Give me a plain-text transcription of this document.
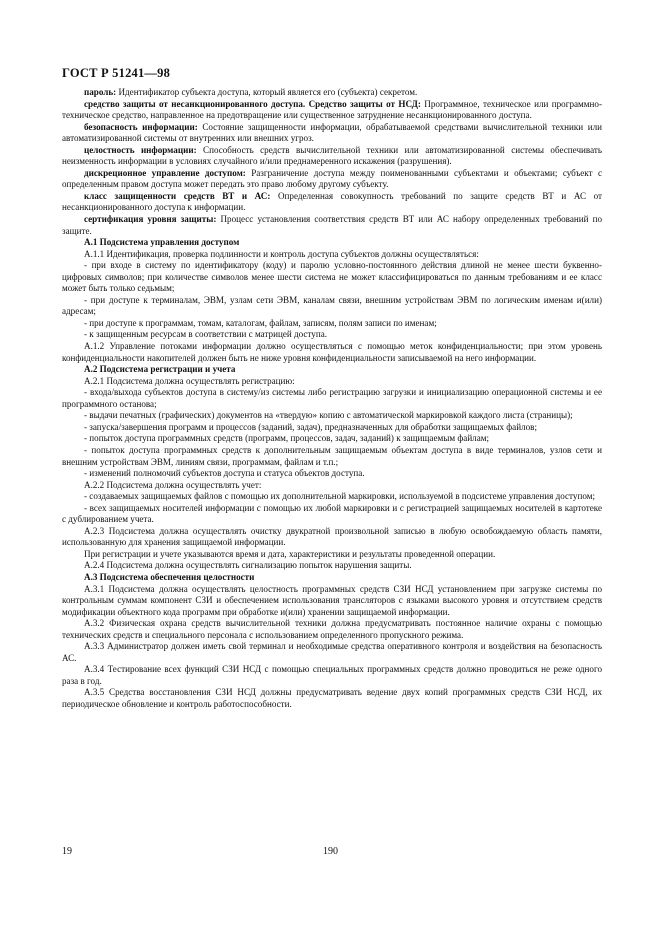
ГОСТ Р 51241—98

пароль: Идентификатор субъекта доступа, который является его (субъекта) секретом.

средство защиты от несанкционированного доступа. Средство защиты от НСД: Программное, техническое или программно-техническое средство, направленное на предотвращение или существенное затруднение несанкционированного доступа.

безопасность информации: Состояние защищенности информации, обрабатываемой средствами вычислительной техники или автоматизированной системы от внутренних или внешних угроз.

целостность информации: Способность средств вычислительной техники или автоматизированной системы обеспечивать неизменность информации в условиях случайного и/или преднамеренного искажения (разрушения).

дискреционное управление доступом: Разграничение доступа между поименованными субъектами и объектами; субъект с определенным правом доступа может передать это право любому другому субъекту.

класс защищенности средств ВТ и АС: Определенная совокупность требований по защите средств ВТ и АС от несанкционированного доступа к информации.

сертификация уровня защиты: Процесс установления соответствия средств ВТ или АС набору определенных требований по защите.

А.1 Подсистема управления доступом

А.1.1 Идентификация, проверка подлинности и контроль доступа субъектов должны осуществляться:

- при входе в систему по идентификатору (коду) и паролю условно-постоянного действия длиной не менее шести буквенно-цифровых символов; при количестве символов менее шести система не может классифицироваться по данным требованиям и ее класс может быть только седьмым;

- при доступе к терминалам, ЭВМ, узлам сети ЭВМ, каналам связи, внешним устройствам ЭВМ по логическим именам и(или) адресам;

- при доступе к программам, томам, каталогам, файлам, записям, полям записи по именам;

- к защищенным ресурсам в соответствии с матрицей доступа.

А.1.2 Управление потоками информации должно осуществляться с помощью меток конфиденциальности; при этом уровень конфиденциальности накопителей должен быть не ниже уровня конфиденциальности записываемой на него информации.

А.2 Подсистема регистрации и учета

А.2.1 Подсистема должна осуществлять регистрацию:

- входа/выхода субъектов доступа в систему/из системы либо регистрацию загрузки и инициализацию операционной системы и ее программного останова;

- выдачи печатных (графических) документов на «твердую» копию с автоматической маркировкой каждого листа (страницы);

- запуска/завершения программ и процессов (заданий, задач), предназначенных для обработки защищаемых файлов;

- попыток доступа программных средств (программ, процессов, задач, заданий) к защищаемым файлам;

- попыток доступа программных средств к дополнительным защищаемым объектам доступа в виде терминалов, узлов сети и внешним устройствам ЭВМ, линиям связи, программам, файлам и т.п.;

- изменений полномочий субъектов доступа и статуса объектов доступа.

А.2.2 Подсистема должна осуществлять учет:

- создаваемых защищаемых файлов с помощью их дополнительной маркировки, используемой в подсистеме управления доступом;

- всех защищаемых носителей информации с помощью их любой маркировки и с регистрацией защищаемых носителей в картотеке с дублированием учета.

А.2.3 Подсистема должна осуществлять очистку двукратной произвольной записью в любую освобождаемую область памяти, использованную для хранения защищаемой информации.

При регистрации и учете указываются время и дата, характеристики и результаты проведенной операции.

А.2.4 Подсистема должна осуществлять сигнализацию попыток нарушения защиты.

А.3 Подсистема обеспечения целостности

А.3.1 Подсистема должна осуществлять целостность программных средств СЗИ НСД установлением при загрузке системы по контрольным суммам компонент СЗИ и обеспечением использования трансляторов с языками высокого уровня и отсутствием средств модификации объектного кода программ при обработке и(или) хранении защищаемой информации.

А.3.2 Физическая охрана средств вычислительной техники должна предусматривать постоянное наличие охраны с помощью технических средств и специального персонала с использованием определенного пропускного режима.

А.3.3 Администратор должен иметь свой терминал и необходимые средства оперативного контроля и воздействия на безопасность АС.

А.3.4 Тестирование всех функций СЗИ НСД с помощью специальных программных средств должно проводиться не реже одного раза в год.

А.3.5 Средства восстановления СЗИ НСД должны предусматривать ведение двух копий программных средств СЗИ НСД, их периодическое обновление и контроль работоспособности.

19	190
